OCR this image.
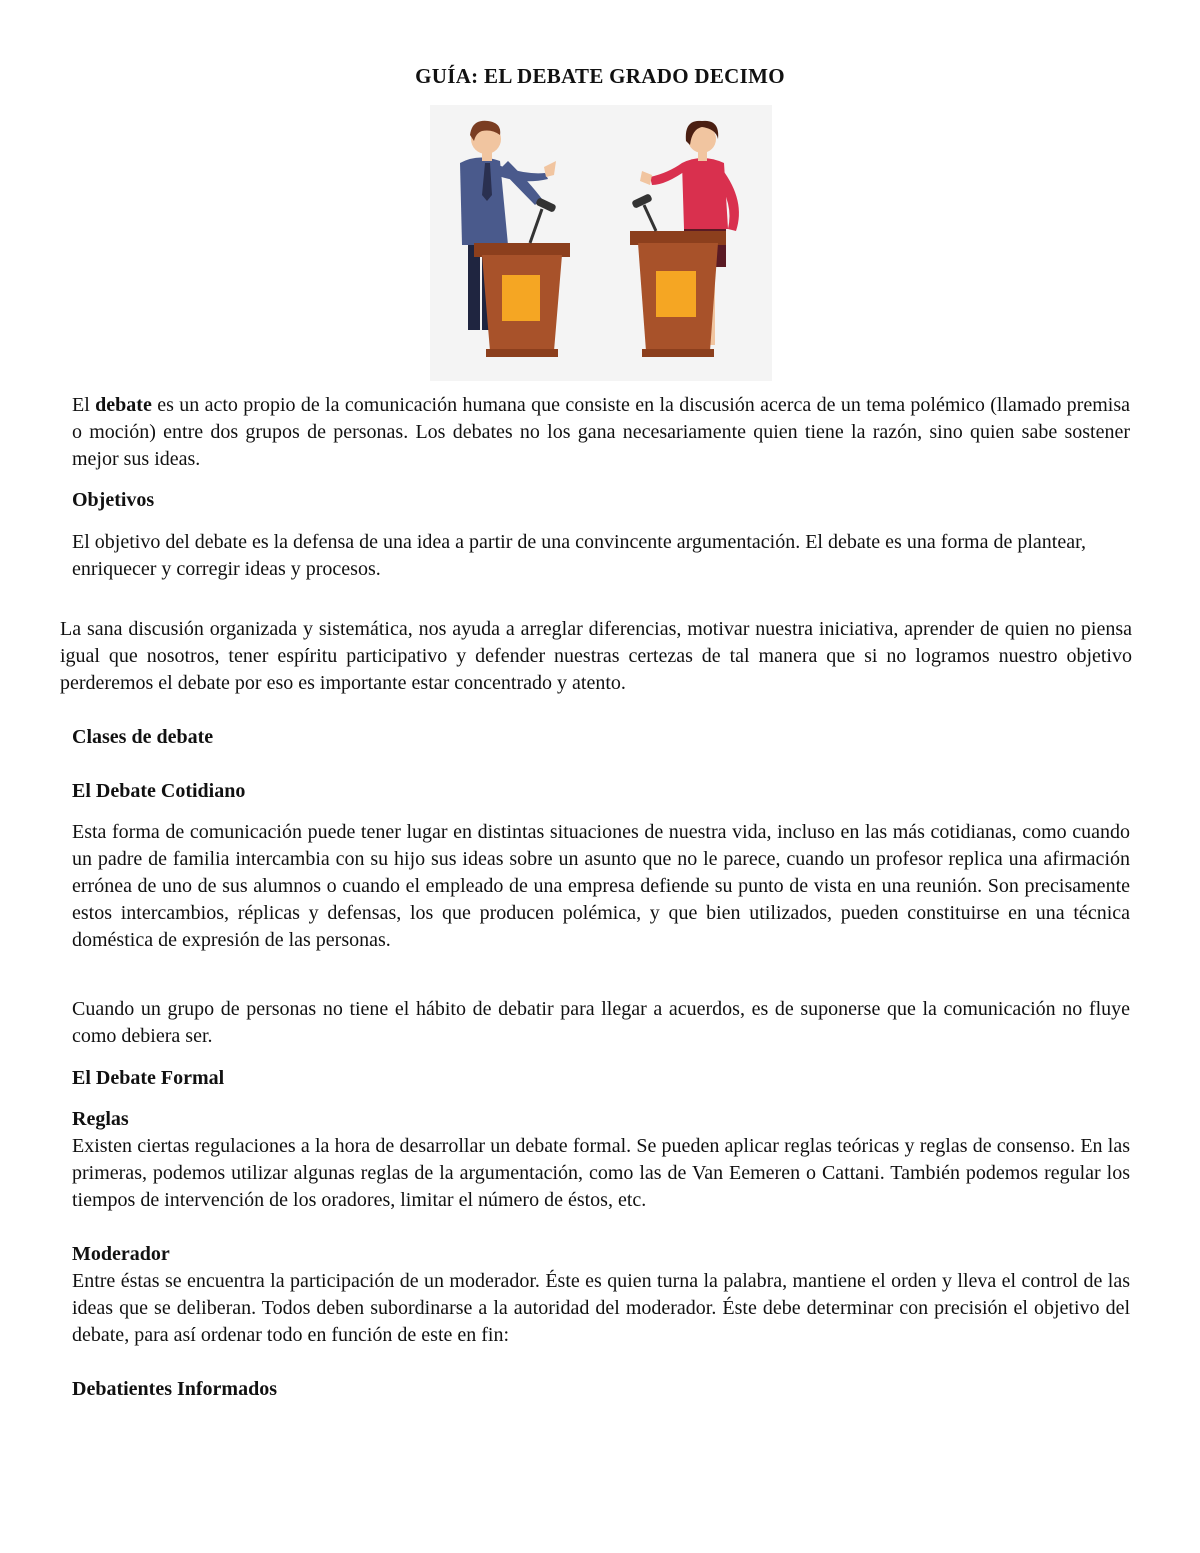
GUÍA: EL DEBATE GRADO DECIMO

El debate es un acto propio de la comunicación humana que consiste en la discusión acerca de un tema polémico (llamado premisa o moción) entre dos grupos de personas. Los debates no los gana necesariamente quien tiene la razón, sino quien sabe sostener mejor sus ideas.

Objetivos

El objetivo del debate es la defensa de una idea a partir de una convincente argumentación. El debate es una forma de plantear, enriquecer y corregir ideas y procesos.

La sana discusión organizada y sistemática, nos ayuda a arreglar diferencias, motivar nuestra iniciativa, aprender de quien no piensa igual que nosotros, tener espíritu participativo y defender nuestras certezas de tal manera que si no logramos nuestro objetivo perderemos el debate por eso es importante estar concentrado y atento.

Clases de debate
El Debate Cotidiano

Esta forma de comunicación puede tener lugar en distintas situaciones de nuestra vida, incluso en las más cotidianas, como cuando un padre de familia intercambia con su hijo sus ideas sobre un asunto que no le parece, cuando un profesor replica una afirmación errónea de uno de sus alumnos o cuando el empleado de una empresa defiende su punto de vista en una reunión. Son precisamente estos intercambios, réplicas y defensas, los que producen polémica, y que bien utilizados, pueden constituirse en una técnica doméstica de expresión de las personas.

Cuando un grupo de personas no tiene el hábito de debatir para llegar a acuerdos, es de suponerse que la comunicación no fluye como debiera ser.

El Debate Formal
Reglas

Existen ciertas regulaciones a la hora de desarrollar un debate formal. Se pueden aplicar reglas teóricas y reglas de consenso. En las primeras, podemos utilizar algunas reglas de la argumentación, como las de Van Eemeren o Cattani. También podemos regular los tiempos de intervención de los oradores, limitar el número de éstos, etc.

Moderador

Entre éstas se encuentra la participación de un moderador. Éste es quien turna la palabra, mantiene el orden y lleva el control de las ideas que se deliberan. Todos deben subordinarse a la autoridad del moderador. Éste debe determinar con precisión el objetivo del debate, para así ordenar todo en función de este en fin:

Debatientes Informados
